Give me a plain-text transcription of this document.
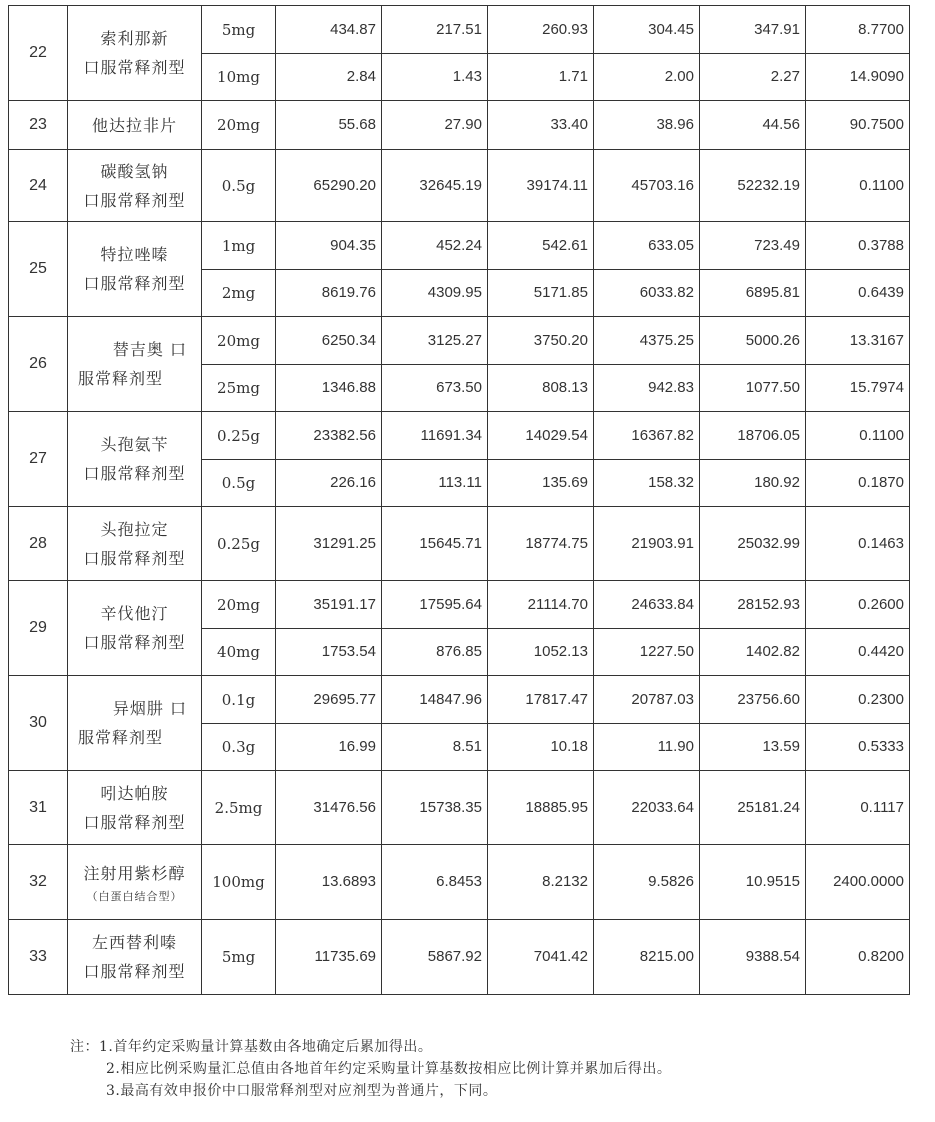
22	索利那新
口服常释剂型	5mg	434.87	217.51	260.93	304.45	347.91	8.7700
		10mg	2.84	1.43	1.71	2.00	2.27	14.9090
23	他达拉非片	20mg	55.68	27.90	33.40	38.96	44.56	90.7500
24	碳酸氢钠
口服常释剂型	0.5g	65290.20	32645.19	39174.11	45703.16	52232.19	0.1100
25	特拉唑嗪
口服常释剂型	1mg	904.35	452.24	542.61	633.05	723.49	0.3788
		2mg	8619.76	4309.95	5171.85	6033.82	6895.81	0.6439
26	替吉奥 口
服常释剂型	20mg	6250.34	3125.27	3750.20	4375.25	5000.26	13.3167
		25mg	1346.88	673.50	808.13	942.83	1077.50	15.7974
27	头孢氨苄
口服常释剂型	0.25g	23382.56	11691.34	14029.54	16367.82	18706.05	0.1100
		0.5g	226.16	113.11	135.69	158.32	180.92	0.1870
28	头孢拉定
口服常释剂型	0.25g	31291.25	15645.71	18774.75	21903.91	25032.99	0.1463
29	辛伐他汀
口服常释剂型	20mg	35191.17	17595.64	21114.70	24633.84	28152.93	0.2600
		40mg	1753.54	876.85	1052.13	1227.50	1402.82	0.4420
30	异烟肼 口
服常释剂型	0.1g	29695.77	14847.96	17817.47	20787.03	23756.60	0.2300
		0.3g	16.99	8.51	10.18	11.90	13.59	0.5333
31	吲达帕胺
口服常释剂型	2.5mg	31476.56	15738.35	18885.95	22033.64	25181.24	0.1117
32	注射用紫杉醇
（白蛋白结合型）	100mg	13.6893	6.8453	8.2132	9.5826	10.9515	2400.0000
33	左西替利嗪
口服常释剂型	5mg	11735.69	5867.92	7041.42	8215.00	9388.54	0.8200
注：1.首年约定采购量计算基数由各地确定后累加得出。
2.相应比例采购量汇总值由各地首年约定采购量计算基数按相应比例计算并累加后得出。
3.最高有效申报价中口服常释剂型对应剂型为普通片，下同。
